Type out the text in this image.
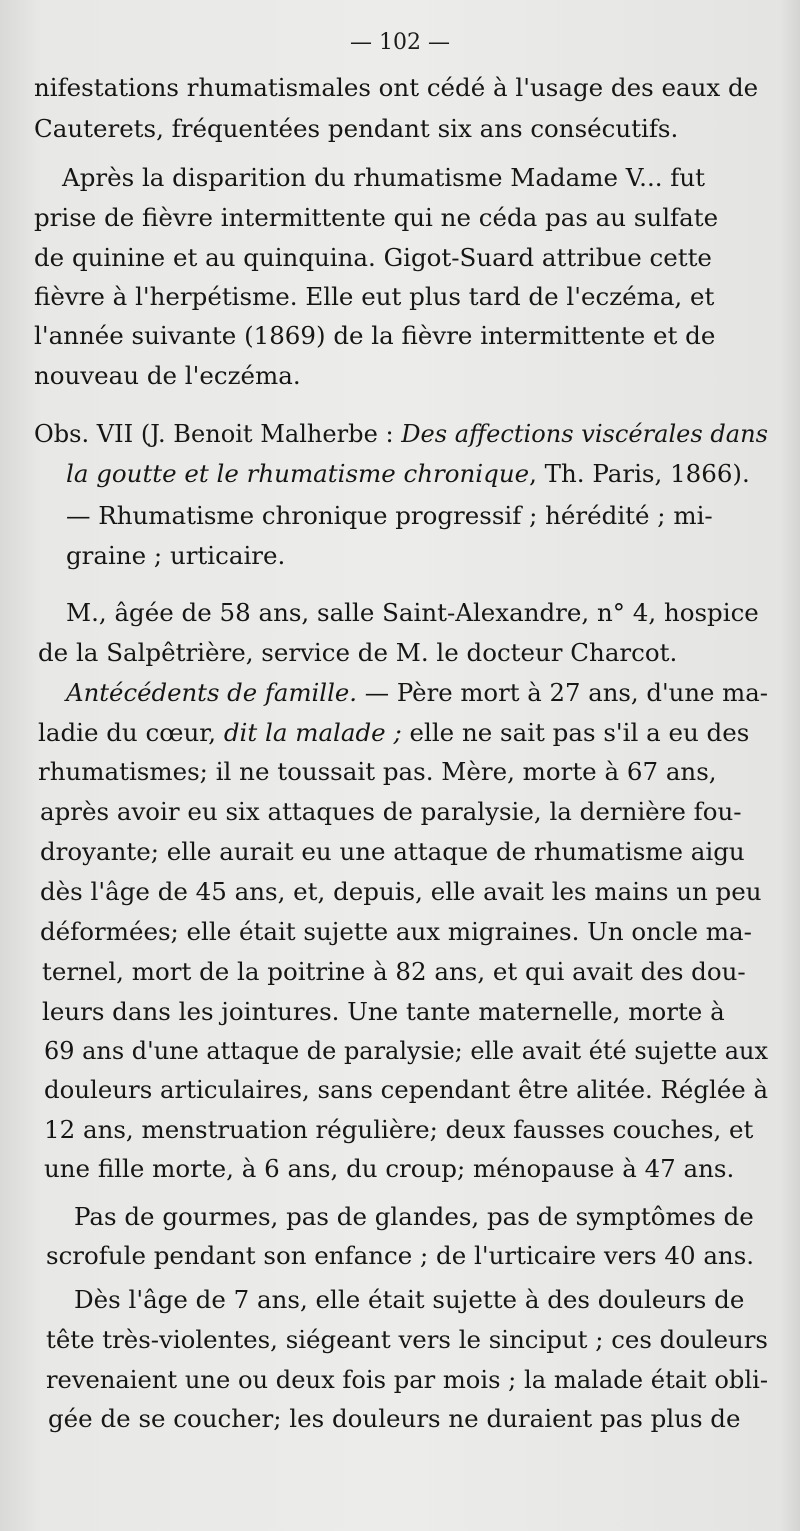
— 102 —
nifestations rhumatismales ont cédé à l'usage des eaux de
Cauterets, fréquentées pendant six ans consécutifs.
Après la disparition du rhumatisme Madame V... fut
prise de fièvre intermittente qui ne céda pas au sulfate
de quinine et au quinquina. Gigot-Suard attribue cette
fièvre à l'herpétisme. Elle eut plus tard de l'eczéma, et
l'année suivante (1869) de la fièvre intermittente et de
nouveau de l'eczéma.
Obs. VII (J. Benoit Malherbe : Des affections viscérales dans
la goutte et le rhumatisme chronique, Th. Paris, 1866).
— Rhumatisme chronique progressif ; hérédité ; mi-
graine ; urticaire.
M., âgée de 58 ans, salle Saint-Alexandre, n° 4, hospice
de la Salpêtrière, service de M. le docteur Charcot.
Antécédents de famille. — Père mort à 27 ans, d'une ma-
ladie du cœur, dit la malade ; elle ne sait pas s'il a eu des
rhumatismes; il ne toussait pas. Mère, morte à 67 ans,
après avoir eu six attaques de paralysie, la dernière fou-
droyante; elle aurait eu une attaque de rhumatisme aigu
dès l'âge de 45 ans, et, depuis, elle avait les mains un peu
déformées; elle était sujette aux migraines. Un oncle ma-
ternel, mort de la poitrine à 82 ans, et qui avait des dou-
leurs dans les jointures. Une tante maternelle, morte à
69 ans d'une attaque de paralysie; elle avait été sujette aux
douleurs articulaires, sans cependant être alitée. Réglée à
12 ans, menstruation régulière; deux fausses couches, et
une fille morte, à 6 ans, du croup; ménopause à 47 ans.
Pas de gourmes, pas de glandes, pas de symptômes de
scrofule pendant son enfance ; de l'urticaire vers 40 ans.
Dès l'âge de 7 ans, elle était sujette à des douleurs de
tête très-violentes, siégeant vers le sinciput ; ces douleurs
revenaient une ou deux fois par mois ; la malade était obli-
gée de se coucher; les douleurs ne duraient pas plus de
